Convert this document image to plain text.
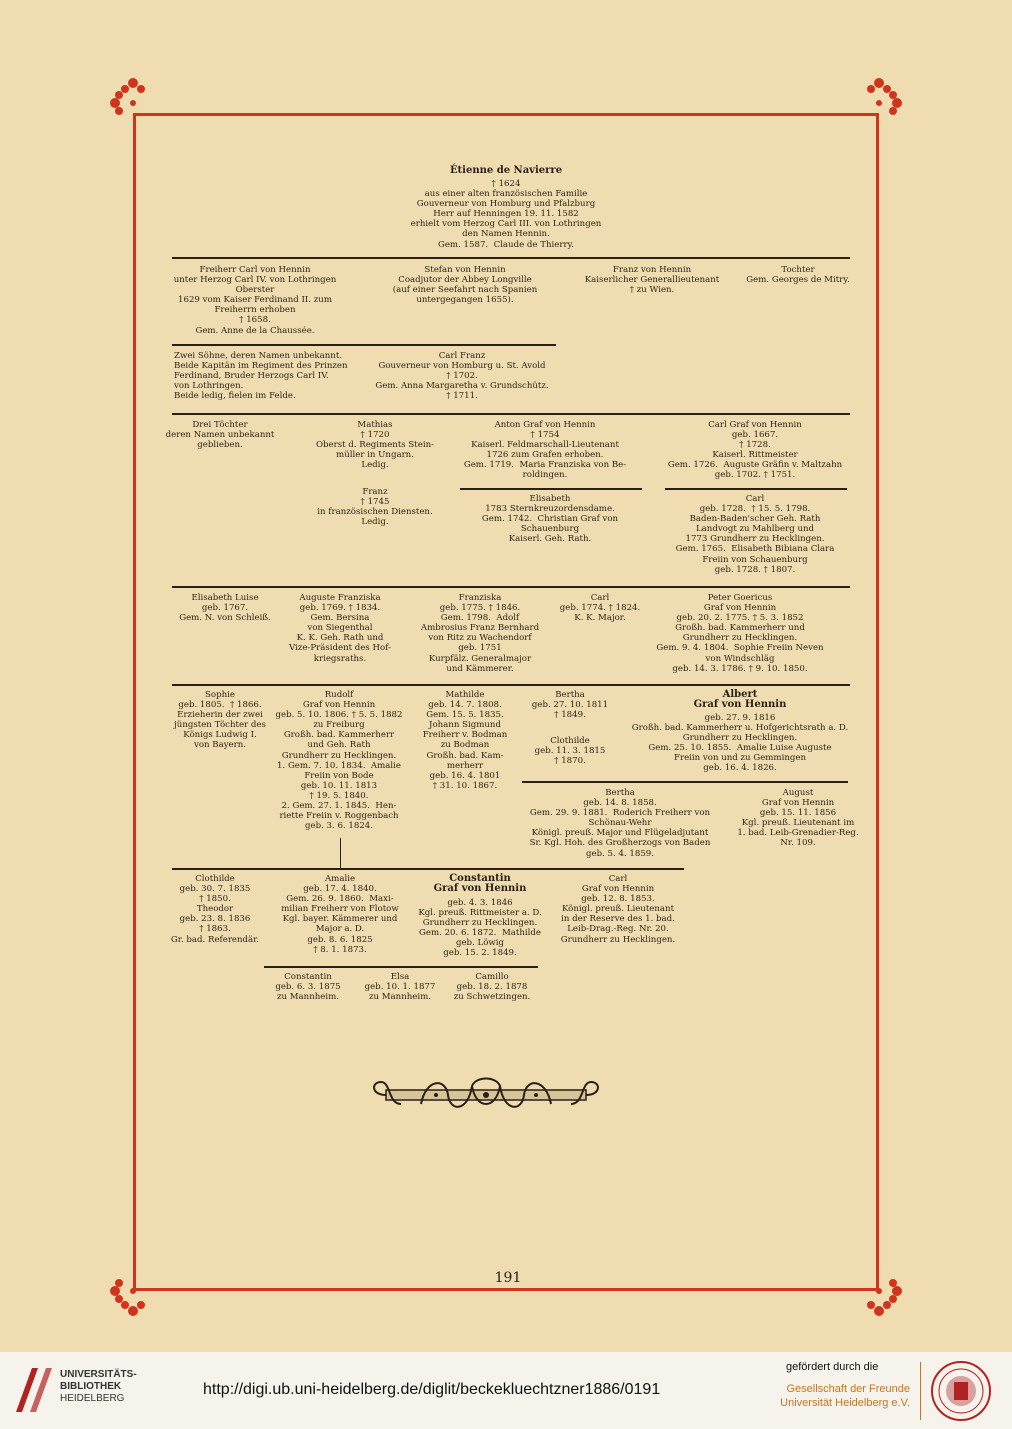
Étienne de Navierre
† 1624
aus einer alten französischen Familie
Gouverneur von Homburg und Pfalzburg
Herr auf Henningen 19. 11. 1582
erhielt vom Herzog Carl III. von Lothringen
den Namen Hennin.
Gem. 1587.  Claude de Thierry.
Freiherr Carl von Hennin
unter Herzog Carl IV. von Lothringen
Oberster
1629 vom Kaiser Ferdinand II. zum
Freiherrn erhoben
† 1658.
Gem. Anne de la Chaussée.
Stefan von Hennin
Coadjutor der Abbey Longville
(auf einer Seefahrt nach Spanien
untergegangen 1655).
Franz von Hennin
Kaiserlicher Generallieutenant
† zu Wien.
Tochter
Gem. Georges de Mitry.
Zwei Söhne, deren Namen unbekannt.
Beide Kapitän im Regiment des Prinzen
Ferdinand, Bruder Herzogs Carl IV.
von Lothringen.
Beide ledig, fielen im Felde.
Carl Franz
Gouverneur von Homburg u. St. Avold
† 1702.
Gem. Anna Margaretha v. Grundschütz.
† 1711.
Drei Töchter
deren Namen unbekannt
geblieben.
Mathias
† 1720
Oberst d. Regiments Stein-
müller in Ungarn.
Ledig.
Franz
† 1745
in französischen Diensten.
Ledig.
Anton Graf von Hennin
† 1754
Kaiserl. Feldmarschall-Lieutenant
1726 zum Grafen erhoben.
Gem. 1719.  Maria Franziska von Be-
roldingen.
Carl Graf von Hennin
geb. 1667.
† 1728.
Kaiserl. Rittmeister
Gem. 1726.  Auguste Gräfin v. Maltzahn
geb. 1702. † 1751.
Elisabeth
1783 Sternkreuzordensdame.
Gem. 1742.  Christian Graf von
Schauenburg
Kaiserl. Geh. Rath.
Carl
geb. 1728.  † 15. 5. 1798.
Baden-Baden'scher Geh. Rath
Landvogt zu Mahlberg und
1773 Grundherr zu Hecklingen.
Gem. 1765.  Elisabeth Bibiana Clara
Freiin von Schauenburg
geb. 1728. † 1807.
Elisabeth Luise
geb. 1767.
Gem. N. von Schleiß.
Auguste Franziska
geb. 1769. † 1834.
Gem. Bersina
von Siegenthal
K. K. Geh. Rath und
Vize-Präsident des Hof-
kriegsraths.
Franziska
geb. 1775. † 1846.
Gem. 1798.  Adolf
Ambrosius Franz Bernhard
von Ritz zu Wachendorf
geb. 1751
Kurpfälz. Generalmajor
und Kämmerer.
Carl
geb. 1774. † 1824.
K. K. Major.
Peter Goericus
Graf von Hennin
geb. 20. 2. 1775. † 5. 3. 1852
Großh. bad. Kammerherr und
Grundherr zu Hecklingen.
Gem. 9. 4. 1804.  Sophie Freiin Neven
von Windschläg
geb. 14. 3. 1786. † 9. 10. 1850.
Sophie
geb. 1805.  † 1866.
Erzieherin der zwei
jüngsten Töchter des
Königs Ludwig I.
von Bayern.
Rudolf
Graf von Hennin
geb. 5. 10. 1806. † 5. 5. 1882
zu Freiburg
Großh. bad. Kammerherr
und Geh. Rath
Grundherr zu Hecklingen.
1. Gem. 7. 10. 1834.  Amalie
Freiin von Bode
geb. 10. 11. 1813
† 19. 5. 1840.
2. Gem. 27. 1. 1845.  Hen-
riette Freiin v. Roggenbach
geb. 3. 6. 1824.
Mathilde
geb. 14. 7. 1808.
Gem. 15. 5. 1835.
Johann Sigmund
Freiherr v. Bodman
zu Bodman
Großh. bad. Kam-
merherr
geb. 16. 4. 1801
† 31. 10. 1867.
Bertha
geb. 27. 10. 1811
† 1849.
Clothilde
geb. 11. 3. 1815
† 1870.
Albert
Graf von Hennin
geb. 27. 9. 1816
Großh. bad. Kammerherr u. Hofgerichtsrath a. D.
Grundherr zu Hecklingen.
Gem. 25. 10. 1855.  Amalie Luise Auguste
Freiin von und zu Gemmingen
geb. 16. 4. 1826.
Bertha
geb. 14. 8. 1858.
Gem. 29. 9. 1881.  Roderich Freiherr von
Schönau-Wehr
Königl. preuß. Major und Flügeladjutant
Sr. Kgl. Hoh. des Großherzogs von Baden
geb. 5. 4. 1859.
August
Graf von Hennin
geb. 15. 11. 1856
Kgl. preuß. Lieutenant im
1. bad. Leib-Grenadier-Reg.
Nr. 109.
Clothilde
geb. 30. 7. 1835
† 1850.
Theodor
geb. 23. 8. 1836
† 1863.
Gr. bad. Referendär.
Amalie
geb. 17. 4. 1840.
Gem. 26. 9. 1860.  Maxi-
milian Freiherr von Flotow
Kgl. bayer. Kämmerer und
Major a. D.
geb. 8. 6. 1825
† 8. 1. 1873.
Constantin
Graf von Hennin
geb. 4. 3. 1846
Kgl. preuß. Rittmeister a. D.
Grundherr zu Hecklingen.
Gem. 20. 6. 1872.  Mathilde
geb. Löwig
geb. 15. 2. 1849.
Carl
Graf von Hennin
geb. 12. 8. 1853.
Königl. preuß. Lieutenant
in der Reserve des 1. bad.
Leib-Drag.-Reg. Nr. 20.
Grundherr zu Hecklingen.
Constantin
geb. 6. 3. 1875
zu Mannheim.
Elsa
geb. 10. 1. 1877
zu Mannheim.
Camillo
geb. 18. 2. 1878
zu Schwetzingen.
191
UNIVERSITÄTS-
BIBLIOTHEK
HEIDELBERG
http://digi.ub.uni-heidelberg.de/diglit/beckekluechtzner1886/0191
gefördert durch die
Gesellschaft der Freunde
Universität Heidelberg e.V.
